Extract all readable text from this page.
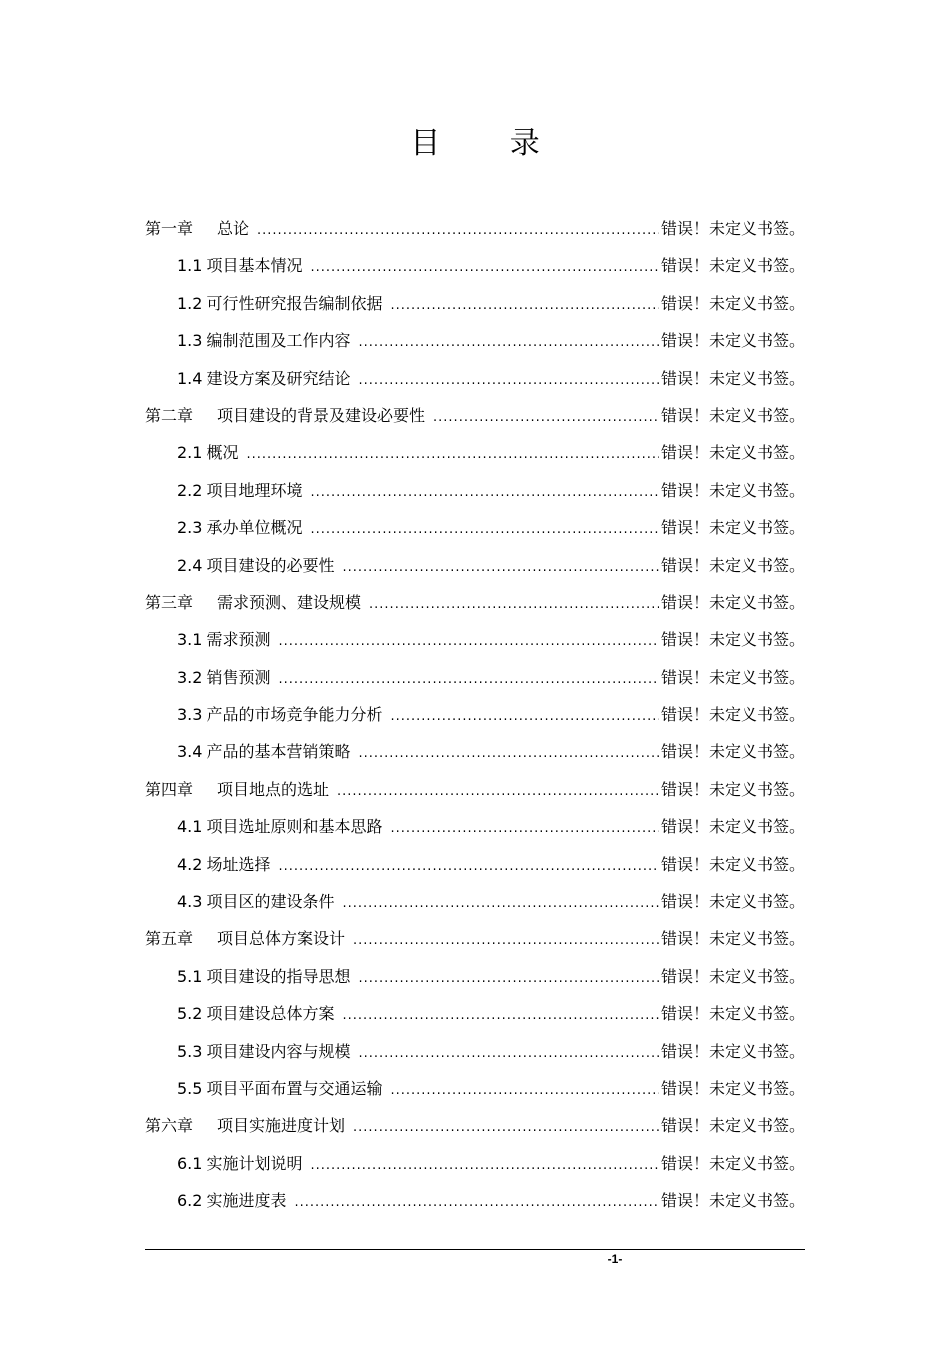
目 录
第一章 总论 .....	错误！未定义书签。
1.1 项目基本情况 .....	错误！未定义书签。
1.2 可行性研究报告编制依据 .....	错误！未定义书签。
1.3 编制范围及工作内容 .....	错误！未定义书签。
1.4 建设方案及研究结论 .....	错误！未定义书签。
第二章 项目建设的背景及建设必要性 .....	错误！未定义书签。
2.1 概况 .....	错误！未定义书签。
2.2 项目地理环境 .....	错误！未定义书签。
2.3 承办单位概况 .....	错误！未定义书签。
2.4 项目建设的必要性 .....	错误！未定义书签。
第三章 需求预测、建设规模 .....	错误！未定义书签。
3.1 需求预测 .....	错误！未定义书签。
3.2 销售预测 .....	错误！未定义书签。
3.3 产品的市场竞争能力分析 .....	错误！未定义书签。
3.4 产品的基本营销策略 .....	错误！未定义书签。
第四章 项目地点的选址 .....	错误！未定义书签。
4.1 项目选址原则和基本思路 .....	错误！未定义书签。
4.2 场址选择 .....	错误！未定义书签。
4.3 项目区的建设条件 .....	错误！未定义书签。
第五章 项目总体方案设计 .....	错误！未定义书签。
5.1 项目建设的指导思想 .....	错误！未定义书签。
5.2 项目建设总体方案 .....	错误！未定义书签。
5.3 项目建设内容与规模 .....	错误！未定义书签。
5.5 项目平面布置与交通运输 .....	错误！未定义书签。
第六章 项目实施进度计划 .....	错误！未定义书签。
6.1 实施计划说明 .....	错误！未定义书签。
6.2 实施进度表 .....	错误！未定义书签。
-1-
